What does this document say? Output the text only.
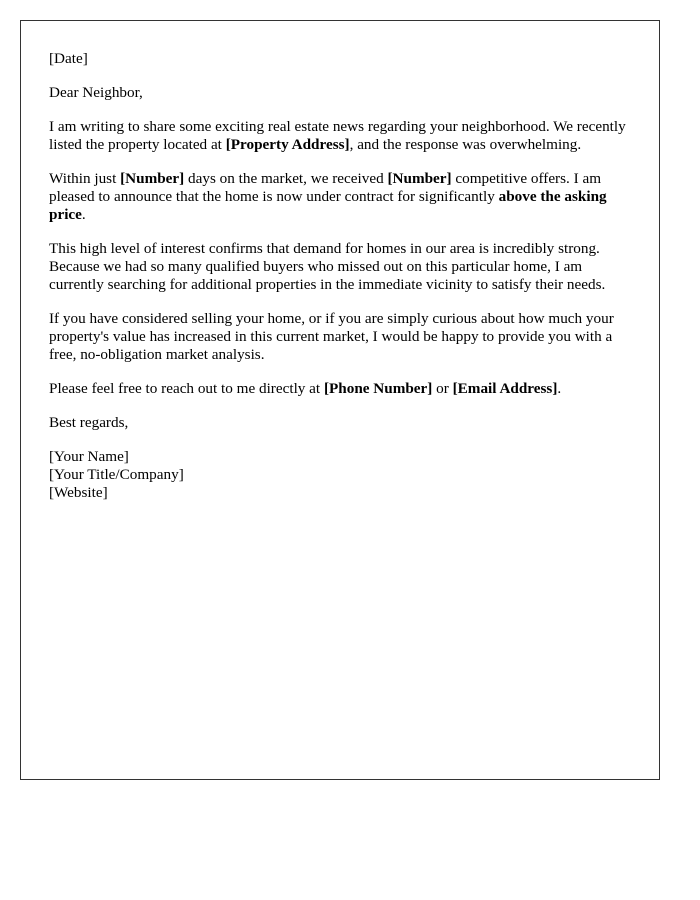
[Date]

Dear Neighbor,

I am writing to share some exciting real estate news regarding your neighborhood. We recently listed the property located at [Property Address], and the response was overwhelming.

Within just [Number] days on the market, we received [Number] competitive offers. I am pleased to announce that the home is now under contract for significantly above the asking price.

This high level of interest confirms that demand for homes in our area is incredibly strong. Because we had so many qualified buyers who missed out on this particular home, I am currently searching for additional properties in the immediate vicinity to satisfy their needs.

If you have considered selling your home, or if you are simply curious about how much your property's value has increased in this current market, I would be happy to provide you with a free, no-obligation market analysis.

Please feel free to reach out to me directly at [Phone Number] or [Email Address].

Best regards,

[Your Name]
[Your Title/Company]
[Website]
